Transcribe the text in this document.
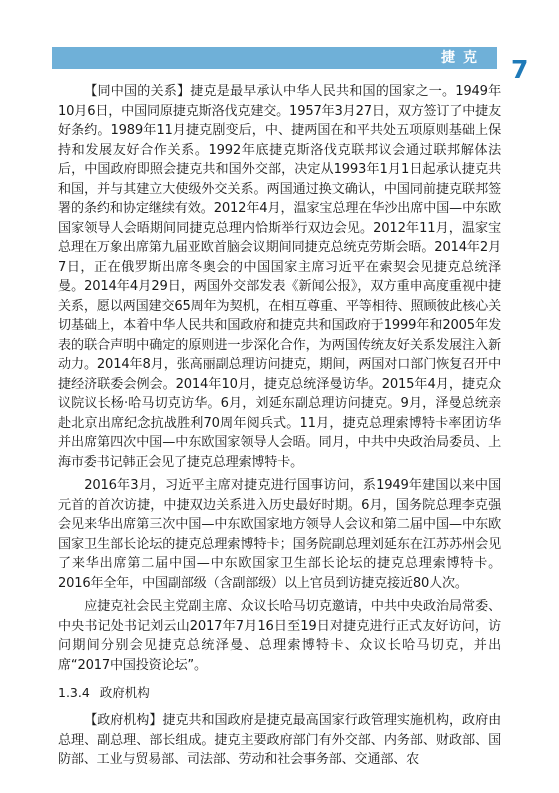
捷克 7

【同中国的关系】捷克是最早承认中华人民共和国的国家之一。1949年10月6日，中国同原捷克斯洛伐克建交。1957年3月27日，双方签订了中捷友好条约。1989年11月捷克剧变后，中、捷两国在和平共处五项原则基础上保持和发展友好合作关系。1992年底捷克斯洛伐克联邦议会通过联邦解体法后，中国政府即照会捷克共和国外交部，决定从1993年1月1日起承认捷克共和国，并与其建立大使级外交关系。两国通过换文确认，中国同前捷克联邦签署的条约和协定继续有效。2012年4月，温家宝总理在华沙出席中国—中东欧国家领导人会晤期间同捷克总理内恰斯举行双边会见。2012年11月，温家宝总理在万象出席第九届亚欧首脑会议期间同捷克总统克劳斯会晤。2014年2月7日，正在俄罗斯出席冬奥会的中国国家主席习近平在索契会见捷克总统泽曼。2014年4月29日，两国外交部发表《新闻公报》，双方重申高度重视中捷关系，愿以两国建交65周年为契机，在相互尊重、平等相待、照顾彼此核心关切基础上，本着中华人民共和国政府和捷克共和国政府于1999年和2005年发表的联合声明中确定的原则进一步深化合作，为两国传统友好关系发展注入新动力。2014年8月，张高丽副总理访问捷克，期间，两国对口部门恢复召开中捷经济联委会例会。2014年10月，捷克总统泽曼访华。2015年4月，捷克众议院议长杨·哈马切克访华。6月，刘延东副总理访问捷克。9月，泽曼总统亲赴北京出席纪念抗战胜利70周年阅兵式。11月，捷克总理索博特卡率团访华并出席第四次中国—中东欧国家领导人会晤。同月，中共中央政治局委员、上海市委书记韩正会见了捷克总理索博特卡。

2016年3月，习近平主席对捷克进行国事访问，系1949年建国以来中国元首的首次访捷，中捷双边关系进入历史最好时期。6月，国务院总理李克强会见来华出席第三次中国—中东欧国家地方领导人会议和第二届中国—中东欧国家卫生部长论坛的捷克总理索博特卡；国务院副总理刘延东在江苏苏州会见了来华出席第二届中国—中东欧国家卫生部长论坛的捷克总理索博特卡。2016年全年，中国副部级（含副部级）以上官员到访捷克接近80人次。

应捷克社会民主党副主席、众议长哈马切克邀请，中共中央政治局常委、中央书记处书记刘云山2017年7月16日至19日对捷克进行正式友好访问，访问期间分别会见捷克总统泽曼、总理索博特卡、众议长哈马切克，并出席“2017中国投资论坛”。

1.3.4 政府机构

【政府机构】捷克共和国政府是捷克最高国家行政管理实施机构，政府由总理、副总理、部长组成。捷克主要政府部门有外交部、内务部、财政部、国防部、工业与贸易部、司法部、劳动和社会事务部、交通部、农
